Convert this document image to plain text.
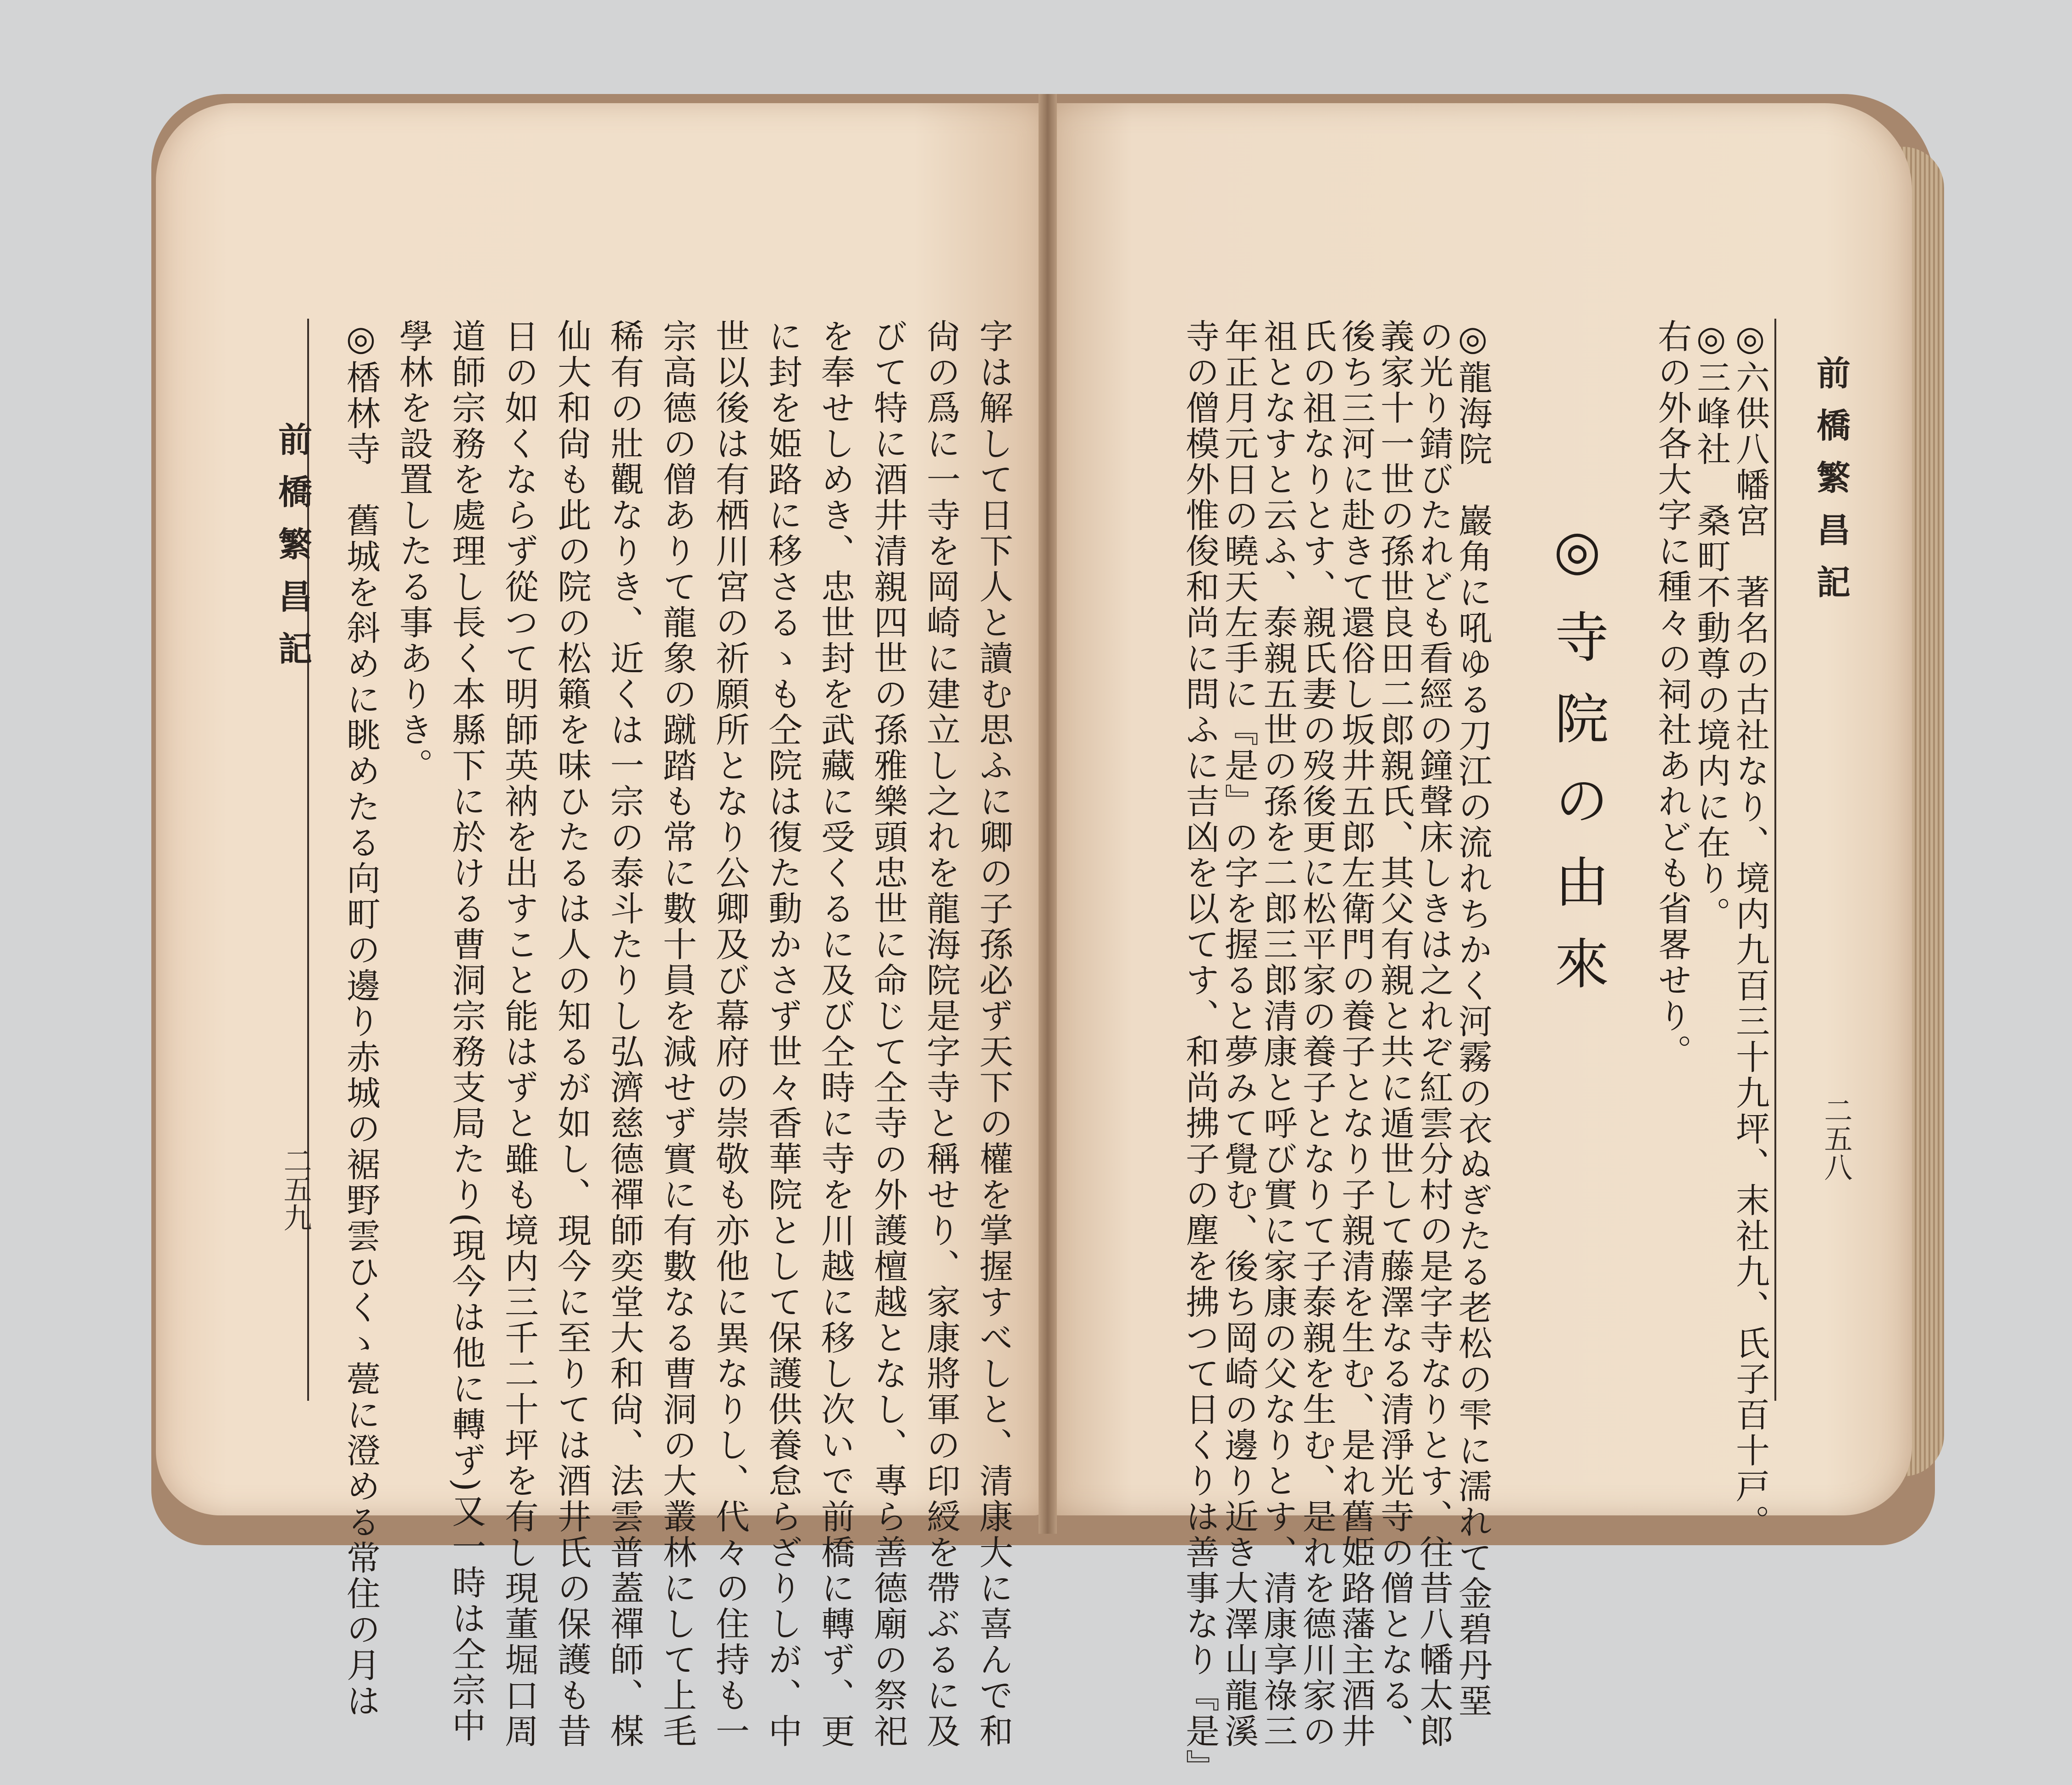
前橋繁昌記	前橋繁昌記
二五九
二五八
◎六供八幡宮　著名の古社なり、境内九百三十九坪、末社九、氏子百十戸。
◎三峰社　桑町不動尊の境内に在り。
右の外各大字に種々の祠社あれども省畧せり。
◎寺院の由來
◎龍海院　巖角に吼ゆる刀江の流れちかく河霧の衣ぬぎたる老松の雫に濡れて金碧丹堊
の光り錆びたれども看經の鐘聲床しきは之れぞ紅雲分村の是字寺なりとす、往昔八幡太郎
義家十一世の孫世良田二郎親氏、其父有親と共に遁世して藤澤なる清淨光寺の僧となる、
後ち三河に赴きて還俗し坂井五郎左衛門の養子となり子親清を生む、是れ舊姫路藩主酒井
氏の祖なりとす、親氏妻の歿後更に松平家の養子となりて子泰親を生む、是れを德川家の
祖となすと云ふ、泰親五世の孫を二郎三郎清康と呼び實に家康の父なりとす、清康享祿三
年正月元日の曉天左手に『是』の字を握ると夢みて覺む、後ち岡崎の邊り近き大澤山龍溪
寺の僧模外惟俊和尚に問ふに吉凶を以てす、和尚拂子の塵を拂つて日くりは善事なり『是』
字は解して日下人と讀む思ふに卿の子孫必ず天下の權を掌握すべしと、清康大に喜んで和
尙の爲に一寺を岡崎に建立し之れを龍海院是字寺と稱せり、家康將軍の印綬を帶ぶるに及
びて特に酒井清親四世の孫雅樂頭忠世に命じて仝寺の外護檀越となし、專ら善德廟の祭祀
を奉せしめき、忠世封を武藏に受くるに及び仝時に寺を川越に移し次いで前橋に轉ず、更
に封を姫路に移さるゝも仝院は復た動かさず世々香華院として保護供養怠らざりしが、中
世以後は有栖川宮の祈願所となり公卿及び幕府の崇敬も亦他に異なりし、代々の住持も一
宗高德の僧ありて龍象の蹴踏も常に數十員を減せず實に有數なる曹洞の大叢林にして上毛
稀有の壯觀なりき、近くは一宗の泰斗たりし弘濟慈德禪師奕堂大和尙、法雲普蓋禪師、楳
仙大和尙も此の院の松籟を味ひたるは人の知るが如し、現今に至りては酒井氏の保護も昔
日の如くならず從つて明師英衲を出すこと能はずと雖も境内三千二十坪を有し現董堀口周
道師宗務を處理し長く本縣下に於ける曹洞宗務支局たり(現今は他に轉ず)又一時は仝宗中
學林を設置したる事ありき。
◎楿林寺　舊城を斜めに眺めたる向町の邊り赤城の裾野雲ひくゝ甍に澄める常住の月は
